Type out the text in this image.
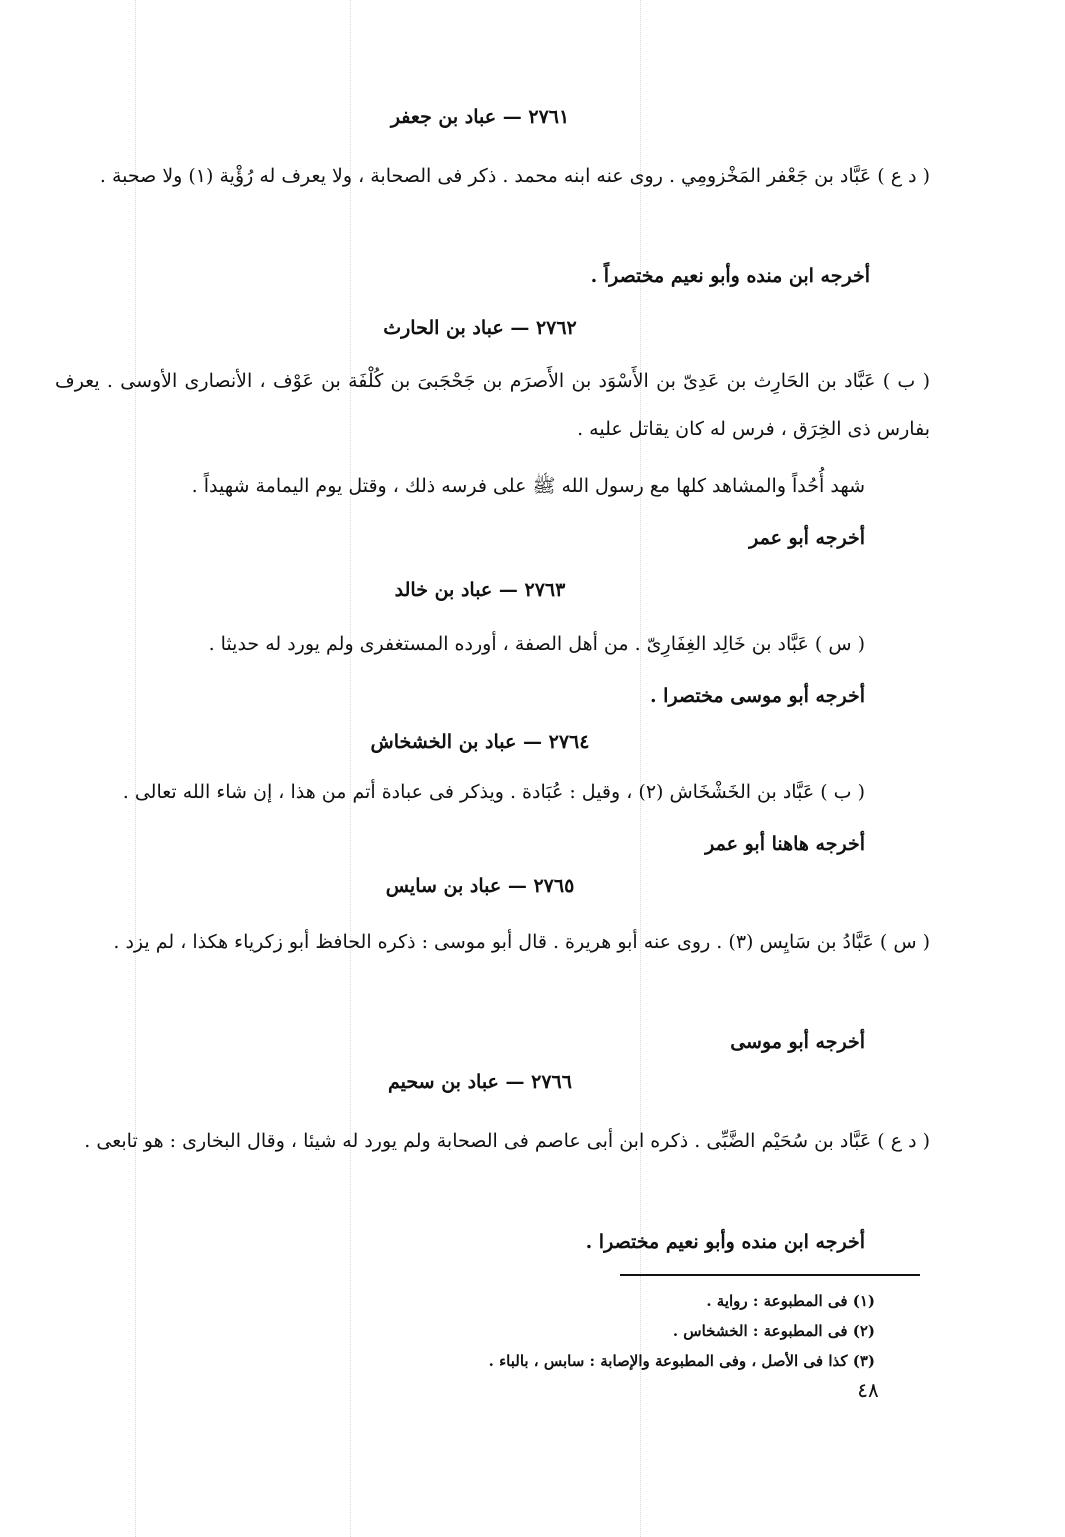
٢٧٦١ — عباد بن جعفر
( د ع ) عَبَّاد بن جَعْفر المَخْزومِي . روى عنه ابنه محمد . ذكر فى الصحابة ، ولا يعرف له رُؤْية (١) ولا صحبة .
أخرجه ابن منده وأبو نعيم مختصراً .
٢٧٦٢ — عباد بن الحارث
( ب ) عَبَّاد بن الحَارِث بن عَدِىّ بن الأَسْوَد بن الأَصرَم بن جَحْجَبىَ بن كُلْفَة بن عَوْف ، الأنصارى الأوسى . يعرف بفارس ذى الخِرَق ، فرس له كان يقاتل عليه .
شهد أُحُداً والمشاهد كلها مع رسول الله ﷺ على فرسه ذلك ، وقتل يوم اليمامة شهيداً .
أخرجه أبو عمر
٢٧٦٣ — عباد بن خالد
( س ) عَبَّاد بن خَالِد الغِفَارِىّ . من أهل الصفة ، أورده المستغفرى ولم يورد له حديثا .
أخرجه أبو موسى مختصرا .
٢٧٦٤ — عباد بن الخشخاش
( ب ) عَبَّاد بن الخَشْخَاش (٢) ، وقيل : عُبَادة . ويذكر فى عبادة أتم من هذا ، إن شاء الله تعالى .
أخرجه هاهنا أبو عمر
٢٧٦٥ — عباد بن سايس
( س ) عَبَّادُ بن سَايِس (٣) . روى عنه أبو هريرة . قال أبو موسى : ذكره الحافظ أبو زكرياء هكذا ، لم يزد .
أخرجه أبو موسى
٢٧٦٦ — عباد بن سحيم
( د ع ) عَبَّاد بن سُحَيْم الضَّبِّى . ذكره ابن أبى عاصم فى الصحابة ولم يورد له شيئا ، وقال البخارى : هو تابعى .
أخرجه ابن منده وأبو نعيم مختصرا .
(١) فى المطبوعة : رواية .
(٢) فى المطبوعة : الخشخاس .
(٣) كذا فى الأصل ، وفى المطبوعة والإصابة : سابس ، بالباء .
٤٨
